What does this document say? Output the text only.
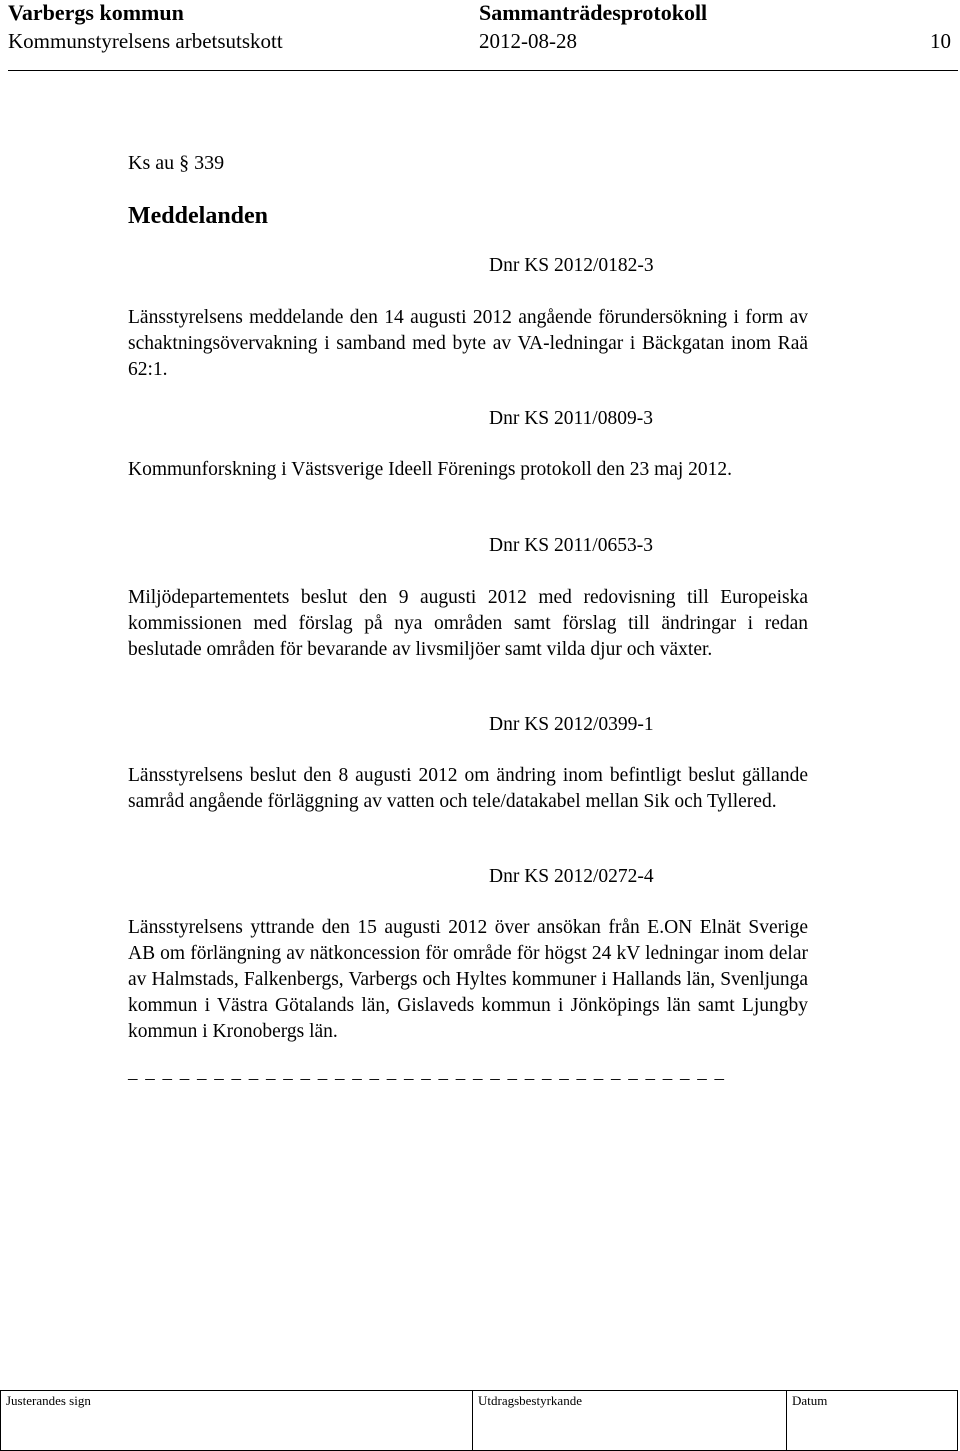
Varbergs kommun	Sammanträdesprotokoll
Kommunstyrelsens arbetsutskott	2012-08-28	10
Ks au § 339
Meddelanden
Dnr KS 2012/0182-3
Länsstyrelsens meddelande den 14 augusti 2012 angående förundersökning i form av schaktningsövervakning i samband med byte av VA-ledningar i Bäckgatan inom Raä 62:1.
Dnr KS 2011/0809-3
Kommunforskning i Västsverige Ideell Förenings protokoll den 23 maj 2012.
Dnr KS 2011/0653-3
Miljödepartementets beslut den 9 augusti 2012 med redovisning till Europeiska kommissionen med förslag på nya områden samt förslag till ändringar i redan beslutade områden för bevarande av livsmiljöer samt vilda djur och växter.
Dnr KS 2012/0399-1
Länsstyrelsens beslut den 8 augusti 2012 om ändring inom befintligt beslut gällande samråd angående förläggning av vatten och tele/datakabel mellan Sik och Tyllered.
Dnr KS 2012/0272-4
Länsstyrelsens yttrande den 15 augusti 2012 över ansökan från E.ON Elnät Sverige AB om förlängning av nätkoncession för område för högst 24 kV ledningar inom delar av Halmstads, Falkenbergs, Varbergs och Hyltes kommuner i Hallands län, Svenljunga kommun i Västra Götalands län, Gislaveds kommun i Jönköpings län samt Ljungby kommun i Kronobergs län.
– – – – – – – – – – – – – – – – – – – – – – – – – – – – – – – – – – –
Justerandes sign	Utdragsbestyrkande	Datum
